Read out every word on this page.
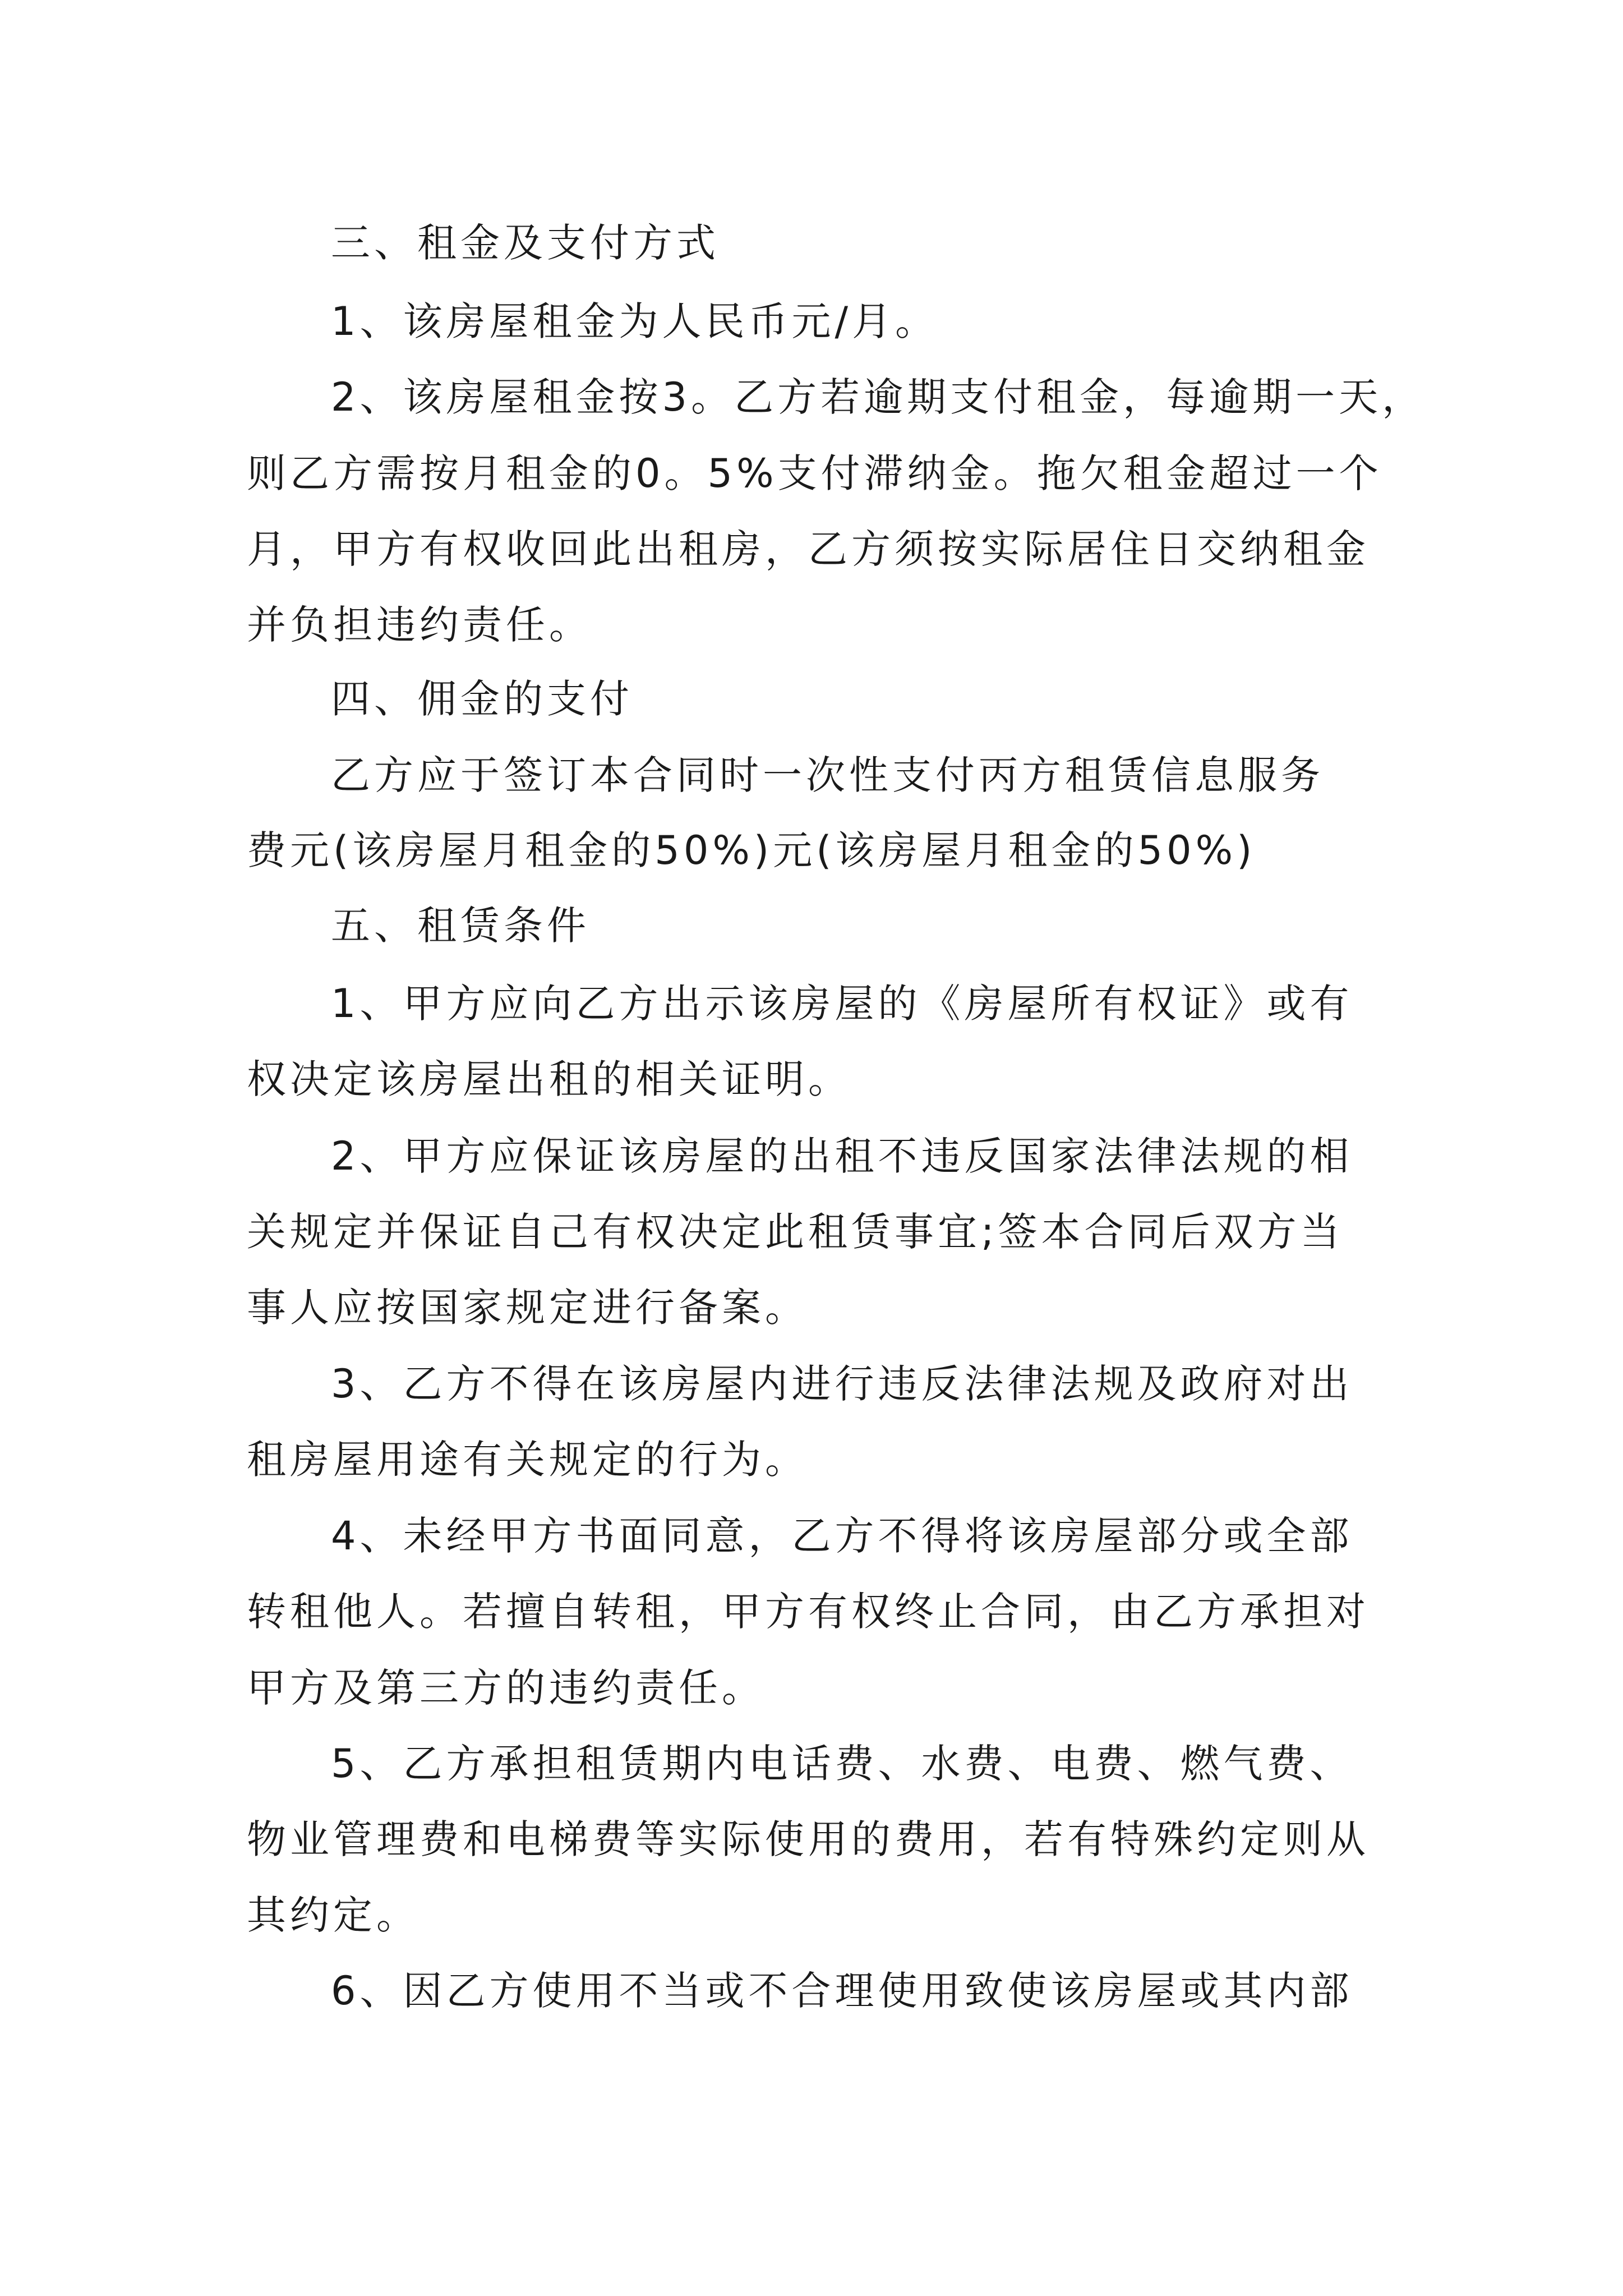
三、租金及支付方式
1、该房屋租金为人民币元/月。
2、该房屋租金按3。乙方若逾期支付租金，每逾期一天，
则乙方需按月租金的0。5%支付滞纳金。拖欠租金超过一个
月，甲方有权收回此出租房，乙方须按实际居住日交纳租金
并负担违约责任。
四、佣金的支付
乙方应于签订本合同时一次性支付丙方租赁信息服务
费元(该房屋月租金的50%)元(该房屋月租金的50%)
五、租赁条件
1、甲方应向乙方出示该房屋的《房屋所有权证》或有
权决定该房屋出租的相关证明。
2、甲方应保证该房屋的出租不违反国家法律法规的相
关规定并保证自己有权决定此租赁事宜;签本合同后双方当
事人应按国家规定进行备案。
3、乙方不得在该房屋内进行违反法律法规及政府对出
租房屋用途有关规定的行为。
4、未经甲方书面同意，乙方不得将该房屋部分或全部
转租他人。若擅自转租，甲方有权终止合同，由乙方承担对
甲方及第三方的违约责任。
5、乙方承担租赁期内电话费、水费、电费、燃气费、
物业管理费和电梯费等实际使用的费用，若有特殊约定则从
其约定。
6、因乙方使用不当或不合理使用致使该房屋或其内部
